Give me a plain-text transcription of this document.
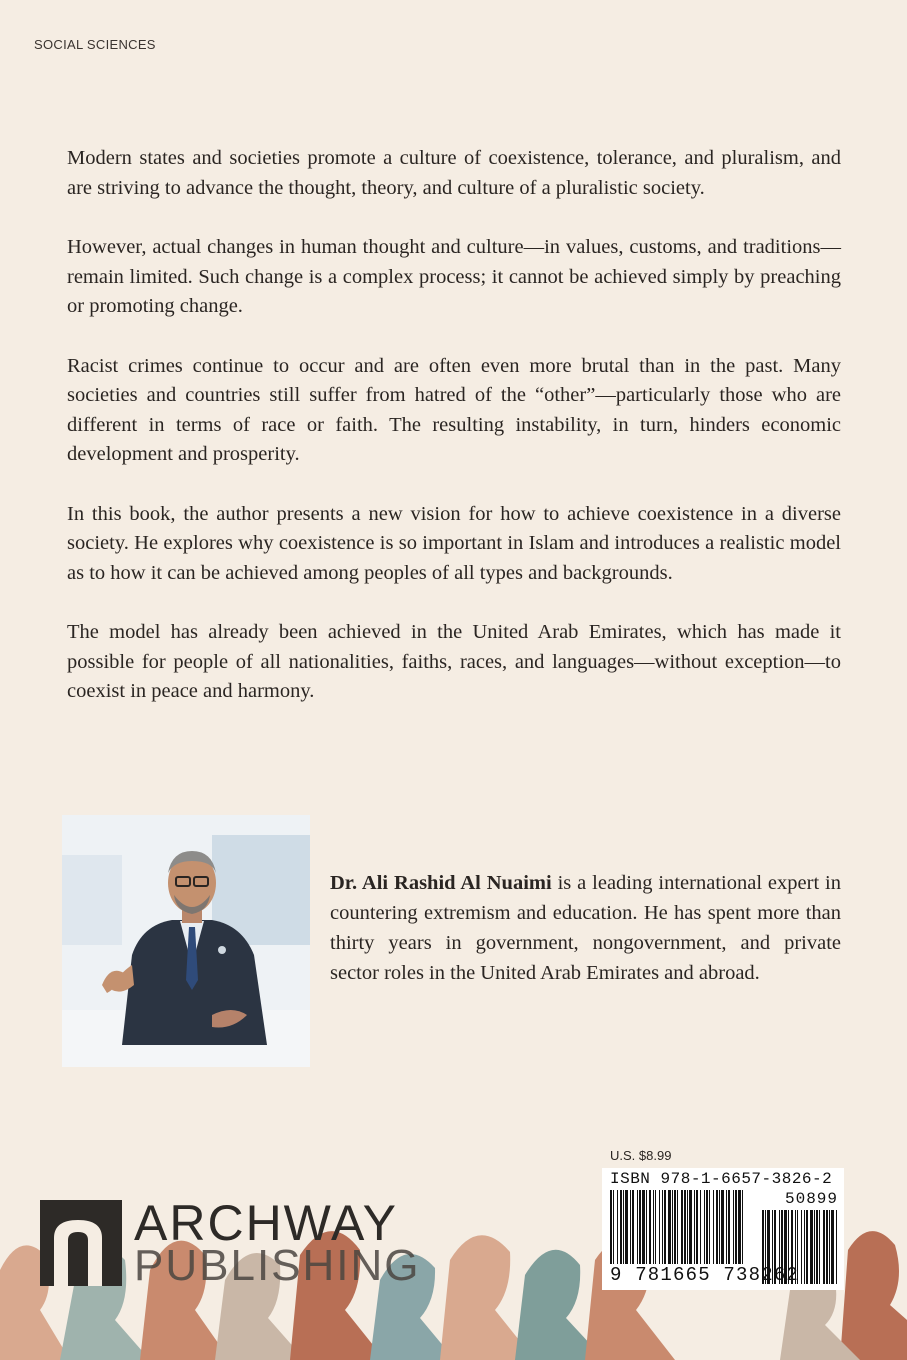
SOCIAL SCIENCES

Modern states and societies promote a culture of coexistence, tolerance, and pluralism, and are striving to advance the thought, theory, and culture of a pluralistic society.

However, actual changes in human thought and culture—in values, customs, and traditions—remain limited. Such change is a complex process; it cannot be achieved simply by preaching or promoting change.

Racist crimes continue to occur and are often even more brutal than in the past. Many societies and countries still suffer from hatred of the “other”—particularly those who are different in terms of race or faith. The resulting instability, in turn, hinders economic development and prosperity.

In this book, the author presents a new vision for how to achieve coexistence in a diverse society. He explores why coexistence is so important in Islam and introduces a realistic model as to how it can be achieved among peoples of all types and backgrounds.

The model has already been achieved in the United Arab Emirates, which has made it possible for people of all nationalities, faiths, races, and languages—without exception—to coexist in peace and harmony.

Dr. Ali Rashid Al Nuaimi is a leading international expert in countering extremism and education. He has spent more than thirty years in government, nongovernment, and private sector roles in the United Arab Emirates and abroad.

ARCHWAY
PUBLISHING
U.S. $8.99
ISBN 978-1-6657-3826-2
50899
9 781665 738262
